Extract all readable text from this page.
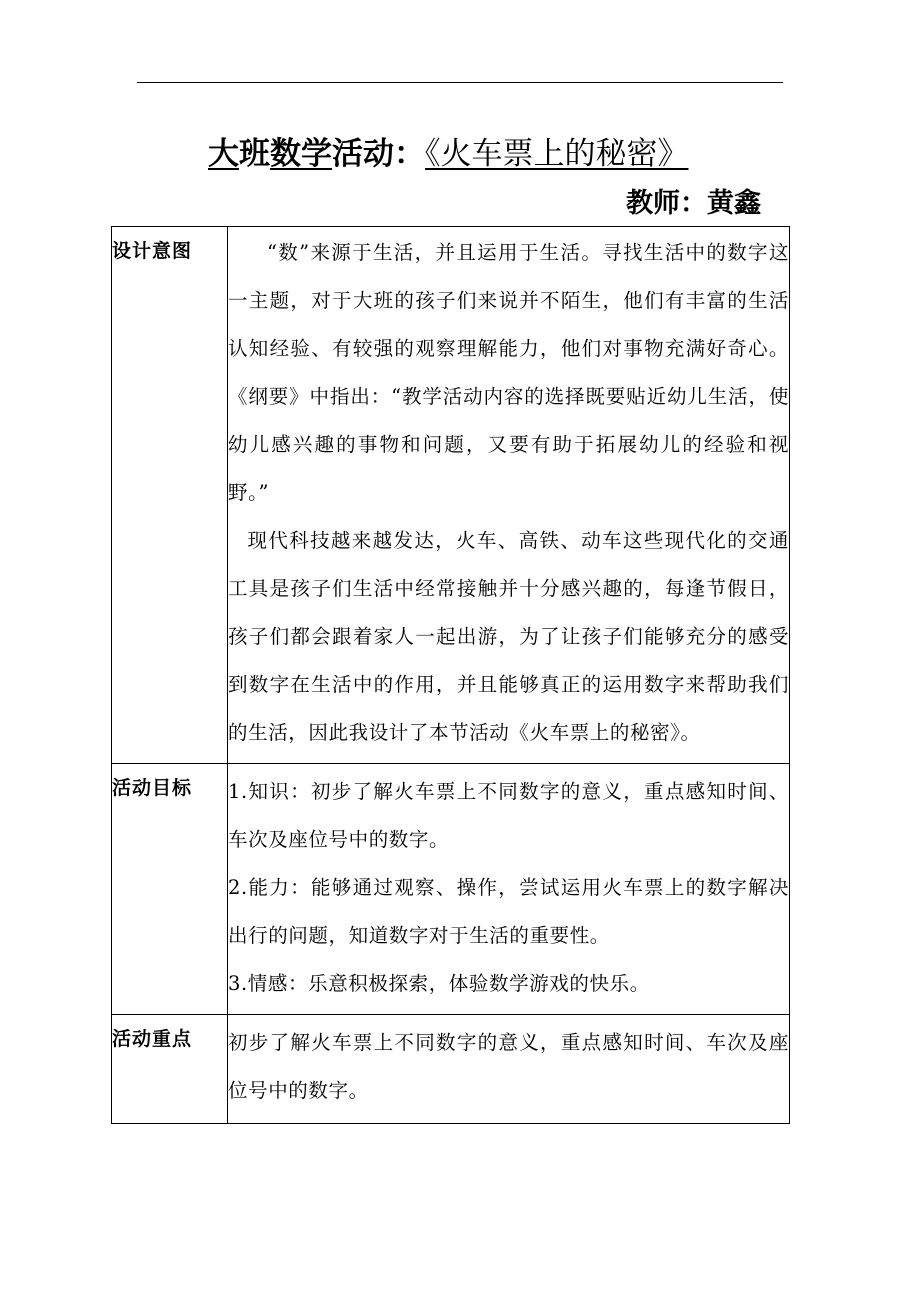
大班数学活动：《火车票上的秘密》
教师：黄鑫
设计意图	“数”来源于生活，并且运用于生活。寻找生活中的数字这一主题，对于大班的孩子们来说并不陌生，他们有丰富的生活认知经验、有较强的观察理解能力，他们对事物充满好奇心。《纲要》中指出：“教学活动内容的选择既要贴近幼儿生活，使幼儿感兴趣的事物和问题，又要有助于拓展幼儿的经验和视野。”

现代科技越来越发达，火车、高铁、动车这些现代化的交通工具是孩子们生活中经常接触并十分感兴趣的，每逢节假日，孩子们都会跟着家人一起出游，为了让孩子们能够充分的感受到数字在生活中的作用，并且能够真正的运用数字来帮助我们的生活，因此我设计了本节活动《火车票上的秘密》。

活动目标	1.知识：初步了解火车票上不同数字的意义，重点感知时间、车次及座位号中的数字。

2.能力：能够通过观察、操作，尝试运用火车票上的数字解决出行的问题，知道数字对于生活的重要性。

3.情感：乐意积极探索，体验数学游戏的快乐。

活动重点	初步了解火车票上不同数字的意义，重点感知时间、车次及座位号中的数字。
